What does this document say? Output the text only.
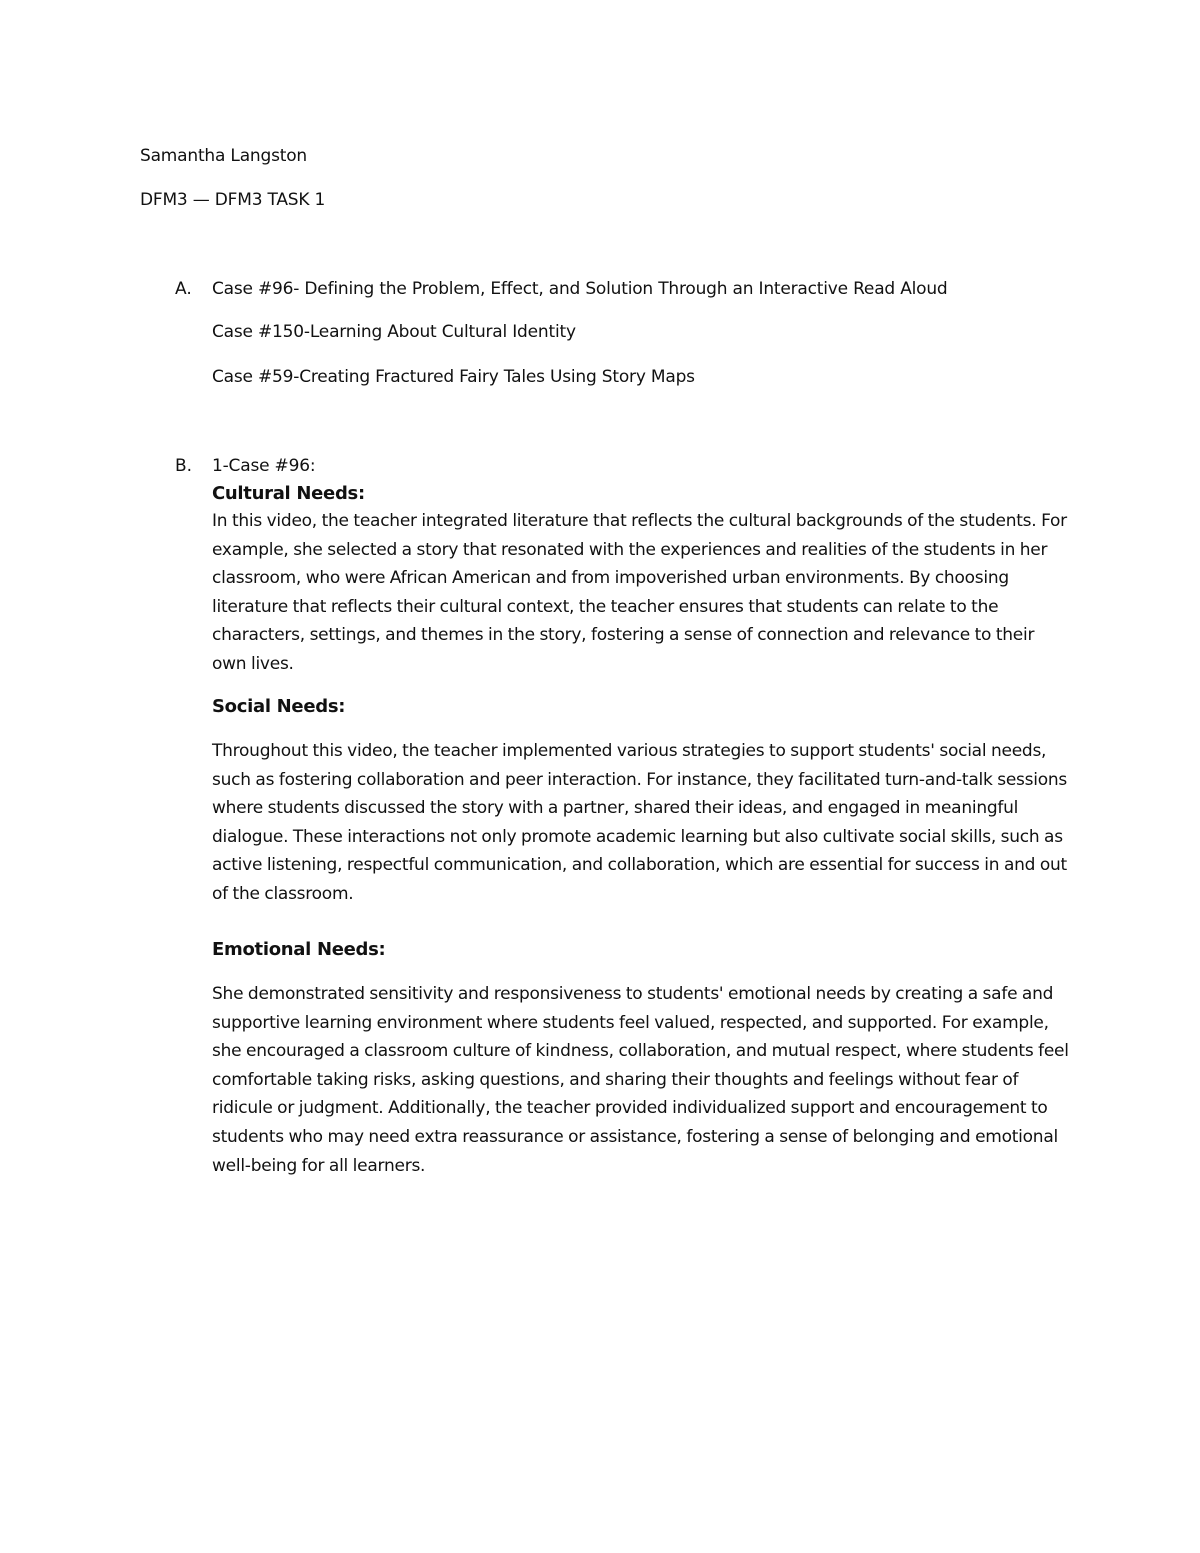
Samantha Langston
DFM3 — DFM3 TASK 1
A. Case #96- Defining the Problem, Effect, and Solution Through an Interactive Read Aloud
Case #150-Learning About Cultural Identity
Case #59-Creating Fractured Fairy Tales Using Story Maps
B. 1-Case #96:
Cultural Needs:
In this video, the teacher integrated literature that reflects the cultural backgrounds of the students. For example, she selected a story that resonated with the experiences and realities of the students in her classroom, who were African American and from impoverished urban environments. By choosing literature that reflects their cultural context, the teacher ensures that students can relate to the characters, settings, and themes in the story, fostering a sense of connection and relevance to their own lives.
Social Needs:
Throughout this video, the teacher implemented various strategies to support students' social needs, such as fostering collaboration and peer interaction. For instance, they facilitated turn-and-talk sessions where students discussed the story with a partner, shared their ideas, and engaged in meaningful dialogue. These interactions not only promote academic learning but also cultivate social skills, such as active listening, respectful communication, and collaboration, which are essential for success in and out of the classroom.
Emotional Needs:
She demonstrated sensitivity and responsiveness to students' emotional needs by creating a safe and supportive learning environment where students feel valued, respected, and supported. For example, she encouraged a classroom culture of kindness, collaboration, and mutual respect, where students feel comfortable taking risks, asking questions, and sharing their thoughts and feelings without fear of ridicule or judgment. Additionally, the teacher provided individualized support and encouragement to students who may need extra reassurance or assistance, fostering a sense of belonging and emotional well-being for all learners.
